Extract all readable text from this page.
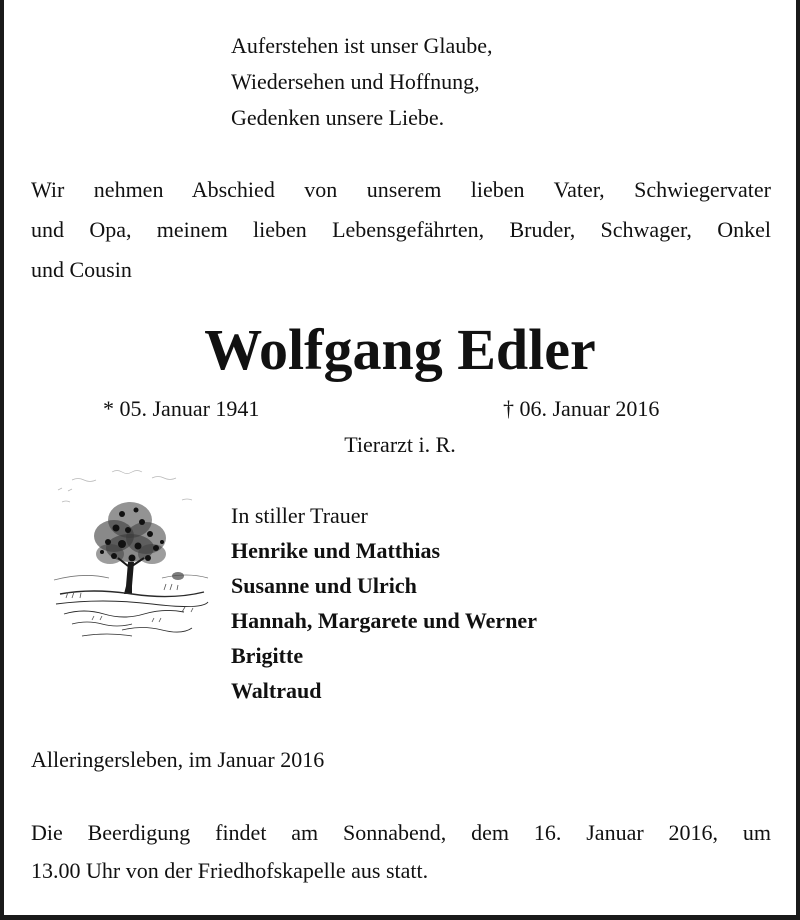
Auferstehen ist unser Glaube,
Wiedersehen und Hoffnung,
Gedenken unsere Liebe.
Wir nehmen Abschied von unserem lieben Vater, Schwiegervater
und Opa, meinem lieben Lebensgefährten, Bruder, Schwager, Onkel
und Cousin
Wolfgang Edler
* 05. Januar 1941	† 06. Januar 2016
Tierarzt i. R.
In stiller Trauer
Henrike und Matthias
Susanne und Ulrich
Hannah, Margarete und Werner
Brigitte
Waltraud
Alleringersleben, im Januar 2016
Die Beerdigung findet am Sonnabend, dem 16. Januar 2016, um
13.00 Uhr von der Friedhofskapelle aus statt.
